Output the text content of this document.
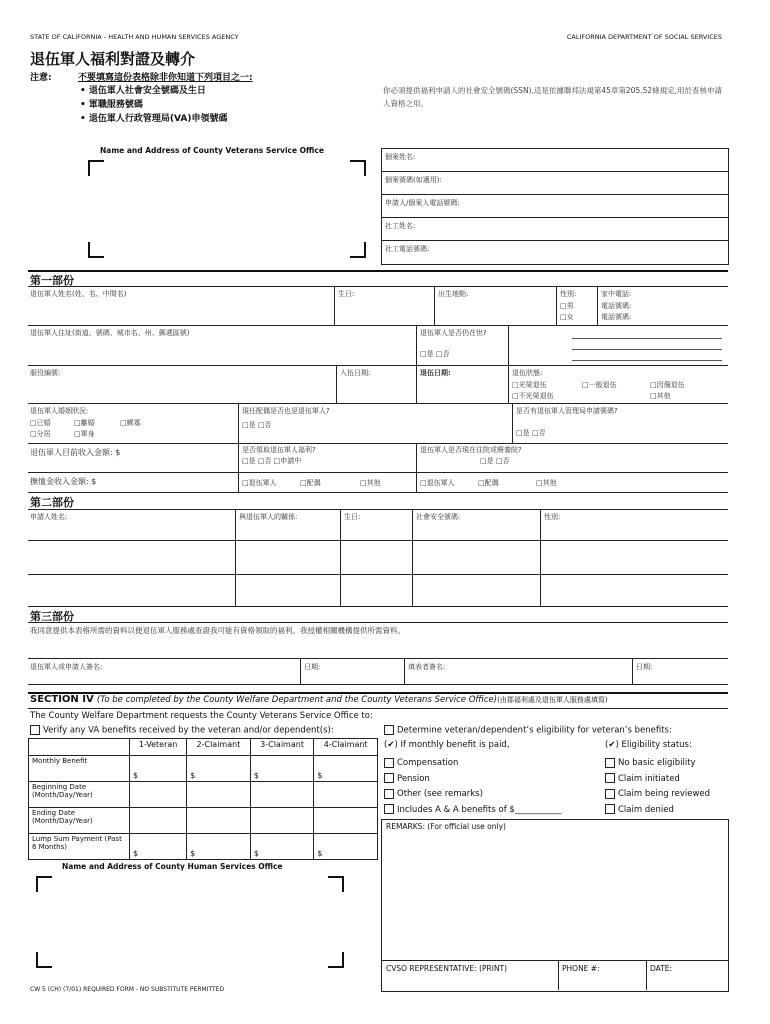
STATE OF CALIFORNIA - HEALTH AND HUMAN SERVICES AGENCY	CALIFORNIA DEPARTMENT OF SOCIAL SERVICES
退伍軍人福利對證及轉介
注意:	不要填寫這份表格除非你知道下列項目之一:
• 退伍軍人社會安全號碼及生日
• 軍職服務號碼
• 退伍軍人行政管理局(VA)申領號碼
你必須提供福利申請人的社會安全號碼(SSN),這是依據聯邦法規第45章第205.52條規定,用於查核申請人資格之用。
Name and Address of County Veterans Service Office
個案姓名:
個案號碼(如適用):
申請人/個案人電話號碼:
社工姓名:
社工電話號碼:
第一部份
退伍軍人姓名(姓、名、中間名)	生日:	出生地點:	性別:
□男
□女
家中電話:
電話號碼:
電話號碼:
退伍軍人住址(街道、號碼、城市名、州、郵遞區號)	退伍軍人是否仍在世?
□是 □否
服役編號:	入伍日期:	退伍日期:	退伍狀態:
□光榮退伍	□一般退伍	□因傷退伍
□不光榮退伍	□其他
退伍軍人婚姻狀況:
□已婚	□離婚	□鰥寡
□分居	□單身
現任配偶是否也是退伍軍人?
□是 □否
是否有退伍軍人管理局申請號碼?
□是 □否
退伍軍人目前收入金額: $	是否領取退伍軍人福利?
□是 □否 □申請中
退伍軍人是否現在住院或療養院?
□是 □否
撫恤金收入金額: $	□退伍軍人	□配偶	□其他	□退伍軍人	□配偶	□其他
第二部份
申請人姓名:	與退伍軍人的關係:	生日:	社會安全號碼:	性別:
第三部份
我同意提供本表格所需的資料以便退伍軍人服務處查證我可能有資格領取的福利。我授權相關機構提供所需資料。
退伍軍人或申請人簽名:	日期:	填表者簽名:	日期:
SECTION IV (To be completed by the County Welfare Department and the County Veterans Service Office)(由郡福利處及退伍軍人服務處填寫)
The County Welfare Department requests the County Veterans Service Office to:
Verify any VA benefits received by the veteran and/or dependent(s):	Determine veteran/dependent’s eligibility for veteran’s benefits:
	1-Veteran	2-Claimant	3-Claimant	4-Claimant
Monthly Benefit	$	$	$	$
Beginning Date (Month/Day/Year)				
Ending Date (Month/Day/Year)				
Lump Sum Payment (Past 6 Months)	$	$	$	$
(✔) If monthly benefit is paid,
Compensation
Pension
Other (see remarks)
Includes A & A benefits of $___________
(✔) Eligibility status:
No basic eligibility
Claim initiated
Claim being reviewed
Claim denied
REMARKS: (For official use only)
CVSO REPRESENTATIVE: (PRINT)	PHONE #:	DATE:
Name and Address of County Human Services Office
CW 5 (CH) (7/01) REQUIRED FORM - NO SUBSTITUTE PERMITTED
